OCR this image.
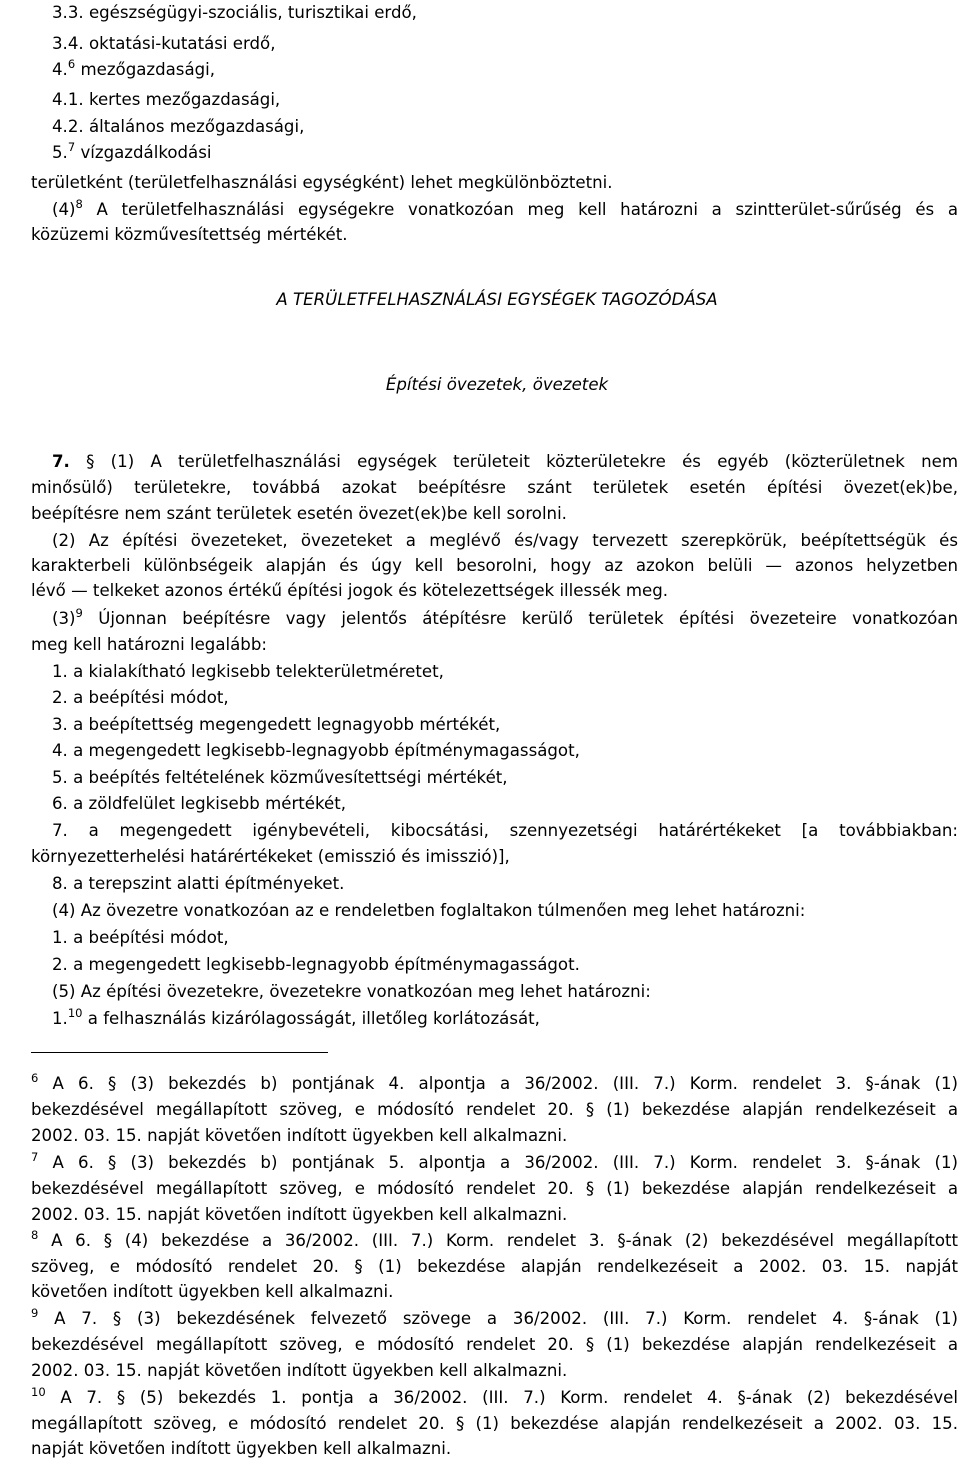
3.3. egészségügyi-szociális, turisztikai erdő,
3.4. oktatási-kutatási erdő,
4.$^6$ mezőgazdasági,
4.1. kertes mezőgazdasági,
4.2. általános mezőgazdasági,
5.$^7$ vízgazdálkodási
területként (területfelhasználási egységként) lehet megkülönböztetni.
$(4)^8$ A területfelhasználási egységekre vonatkozóan meg kell határozni a szintterület-sűrűség és a
közüzemi közművesítettség mértékét.
A TERÜLETFELHASZNÁLÁSI EGYSÉGEK TAGOZÓDÁSA
Építési övezetek, övezetek
7. § (1) A területfelhasználási egységek területeit közterületekre és egyéb (közterületnek nem
minősülő) területekre, továbbá azokat beépítésre szánt területek esetén építési övezet(ek)be,
beépítésre nem szánt területek esetén övezet(ek)be kell sorolni.
(2) Az építési övezeteket, övezeteket a meglévő és/vagy tervezett szerepkörük, beépítettségük és
karakterbeli különbségeik alapján és úgy kell besorolni, hogy az azokon belüli — azonos helyzetben
lévő — telkeket azonos értékű építési jogok és kötelezettségek illessék meg.
$(3)^9$ Újonnan beépítésre vagy jelentős átépítésre kerülő területek építési övezeteire vonatkozóan
meg kell határozni legalább:
1. a kialakítható legkisebb telekterületméretet,
2. a beépítési módot,
3. a beépítettség megengedett legnagyobb mértékét,
4. a megengedett legkisebb-legnagyobb építménymagasságot,
5. a beépítés feltételének közművesítettségi mértékét,
6. a zöldfelület legkisebb mértékét,
7. a megengedett igénybevételi, kibocsátási, szennyezetségi határértékeket [a továbbiakban:
környezetterhelési határértékeket (emisszió és imisszió)],
8. a terepszint alatti építményeket.
(4) Az övezetre vonatkozóan az e rendeletben foglaltakon túlmenően meg lehet határozni:
1. a beépítési módot,
2. a megengedett legkisebb-legnagyobb építménymagasságot.
(5) Az építési övezetekre, övezetekre vonatkozóan meg lehet határozni:
1.10 a felhasználás kizárólagosságát, illetőleg korlátozását,
$^6$ A 6. § (3) bekezdés b) pontjának 4. alpontja a 36/2002. (III. 7.) Korm. rendelet 3. §-ának (1)
bekezdésével megállapított szöveg, e módosító rendelet 20. § (1) bekezdése alapján rendelkezéseit a
2002. 03. 15. napját követően indított ügyekben kell alkalmazni.
$^7$ A 6. § (3) bekezdés b) pontjának 5. alpontja a 36/2002. (III. 7.) Korm. rendelet 3. §-ának (1)
bekezdésével megállapított szöveg, e módosító rendelet 20. § (1) bekezdése alapján rendelkezéseit a
2002. 03. 15. napját követően indított ügyekben kell alkalmazni.
$^8$ A 6. § (4) bekezdése a 36/2002. (III. 7.) Korm. rendelet 3. §-ának (2) bekezdésével megállapított
szöveg, e módosító rendelet 20. § (1) bekezdése alapján rendelkezéseit a 2002. 03. 15. napját
követően indított ügyekben kell alkalmazni.
$^9$ A 7. § (3) bekezdésének felvezető szövege a 36/2002. (III. 7.) Korm. rendelet 4. §-ának (1)
bekezdésével megállapított szöveg, e módosító rendelet 20. § (1) bekezdése alapján rendelkezéseit a
2002. 03. 15. napját követően indított ügyekben kell alkalmazni.
$^{10}$ A 7. § (5) bekezdés 1. pontja a 36/2002. (III. 7.) Korm. rendelet 4. §-ának (2) bekezdésével
megállapított szöveg, e módosító rendelet 20. § (1) bekezdése alapján rendelkezéseit a 2002. 03. 15.
napját követően indított ügyekben kell alkalmazni.
